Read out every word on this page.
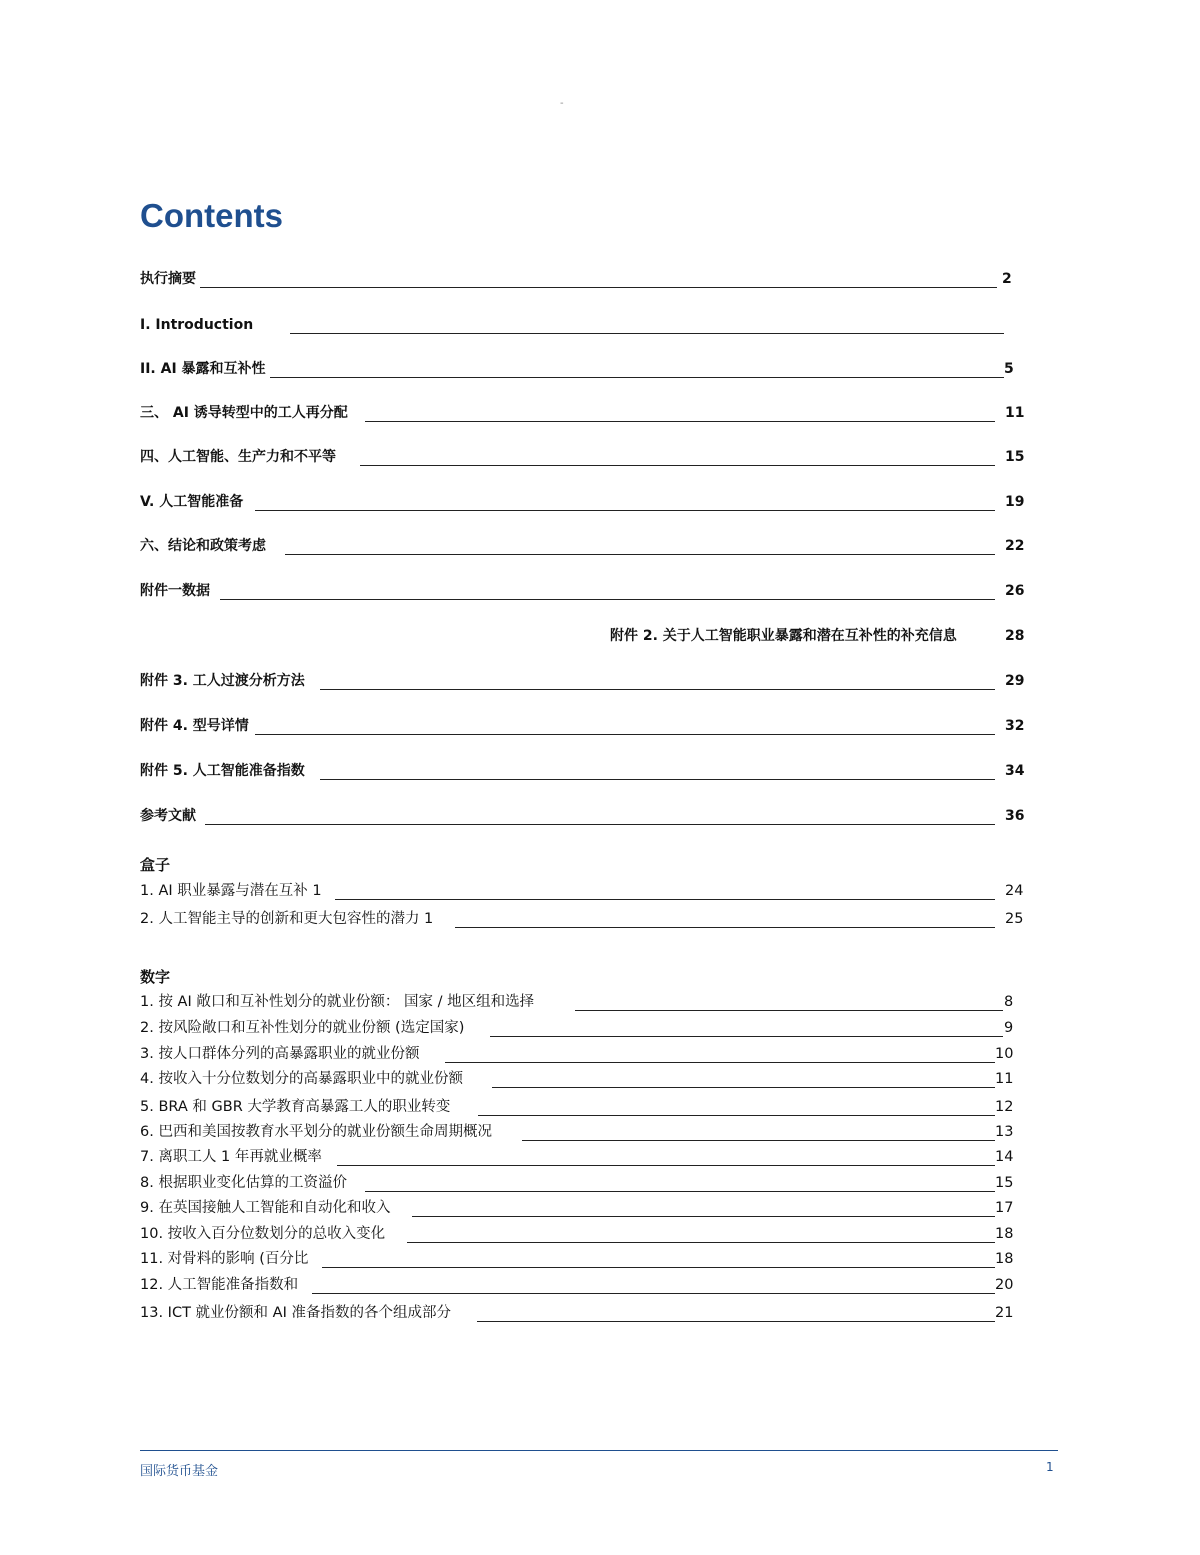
-
Contents
执行摘要	2
I. Introduction
II. AI 暴露和互补性	5
三、 AI 诱导转型中的工人再分配	11
四、人工智能、生产力和不平等	15
V. 人工智能准备	19
六、结论和政策考虑	22
附件一数据	26
附件 2. 关于人工智能职业暴露和潜在互补性的补充信息	28
附件 3. 工人过渡分析方法	29
附件 4. 型号详情	32
附件 5. 人工智能准备指数	34
参考文献	36
盒子
1. AI 职业暴露与潜在互补 1	24
2. 人工智能主导的创新和更大包容性的潜力 1	25
数字
1. 按 AI 敞口和互补性划分的就业份额： 国家 / 地区组和选择	8
2. 按风险敞口和互补性划分的就业份额 (选定国家)	9
3. 按人口群体分列的高暴露职业的就业份额	10
4. 按收入十分位数划分的高暴露职业中的就业份额	11
5. BRA 和 GBR 大学教育高暴露工人的职业转变	12
6. 巴西和美国按教育水平划分的就业份额生命周期概况	13
7. 离职工人 1 年再就业概率	14
8. 根据职业变化估算的工资溢价	15
9. 在英国接触人工智能和自动化和收入	17
10. 按收入百分位数划分的总收入变化	18
11. 对骨料的影响 (百分比	18
12. 人工智能准备指数和	20
13. ICT 就业份额和 AI 准备指数的各个组成部分	21
国际货币基金	1
